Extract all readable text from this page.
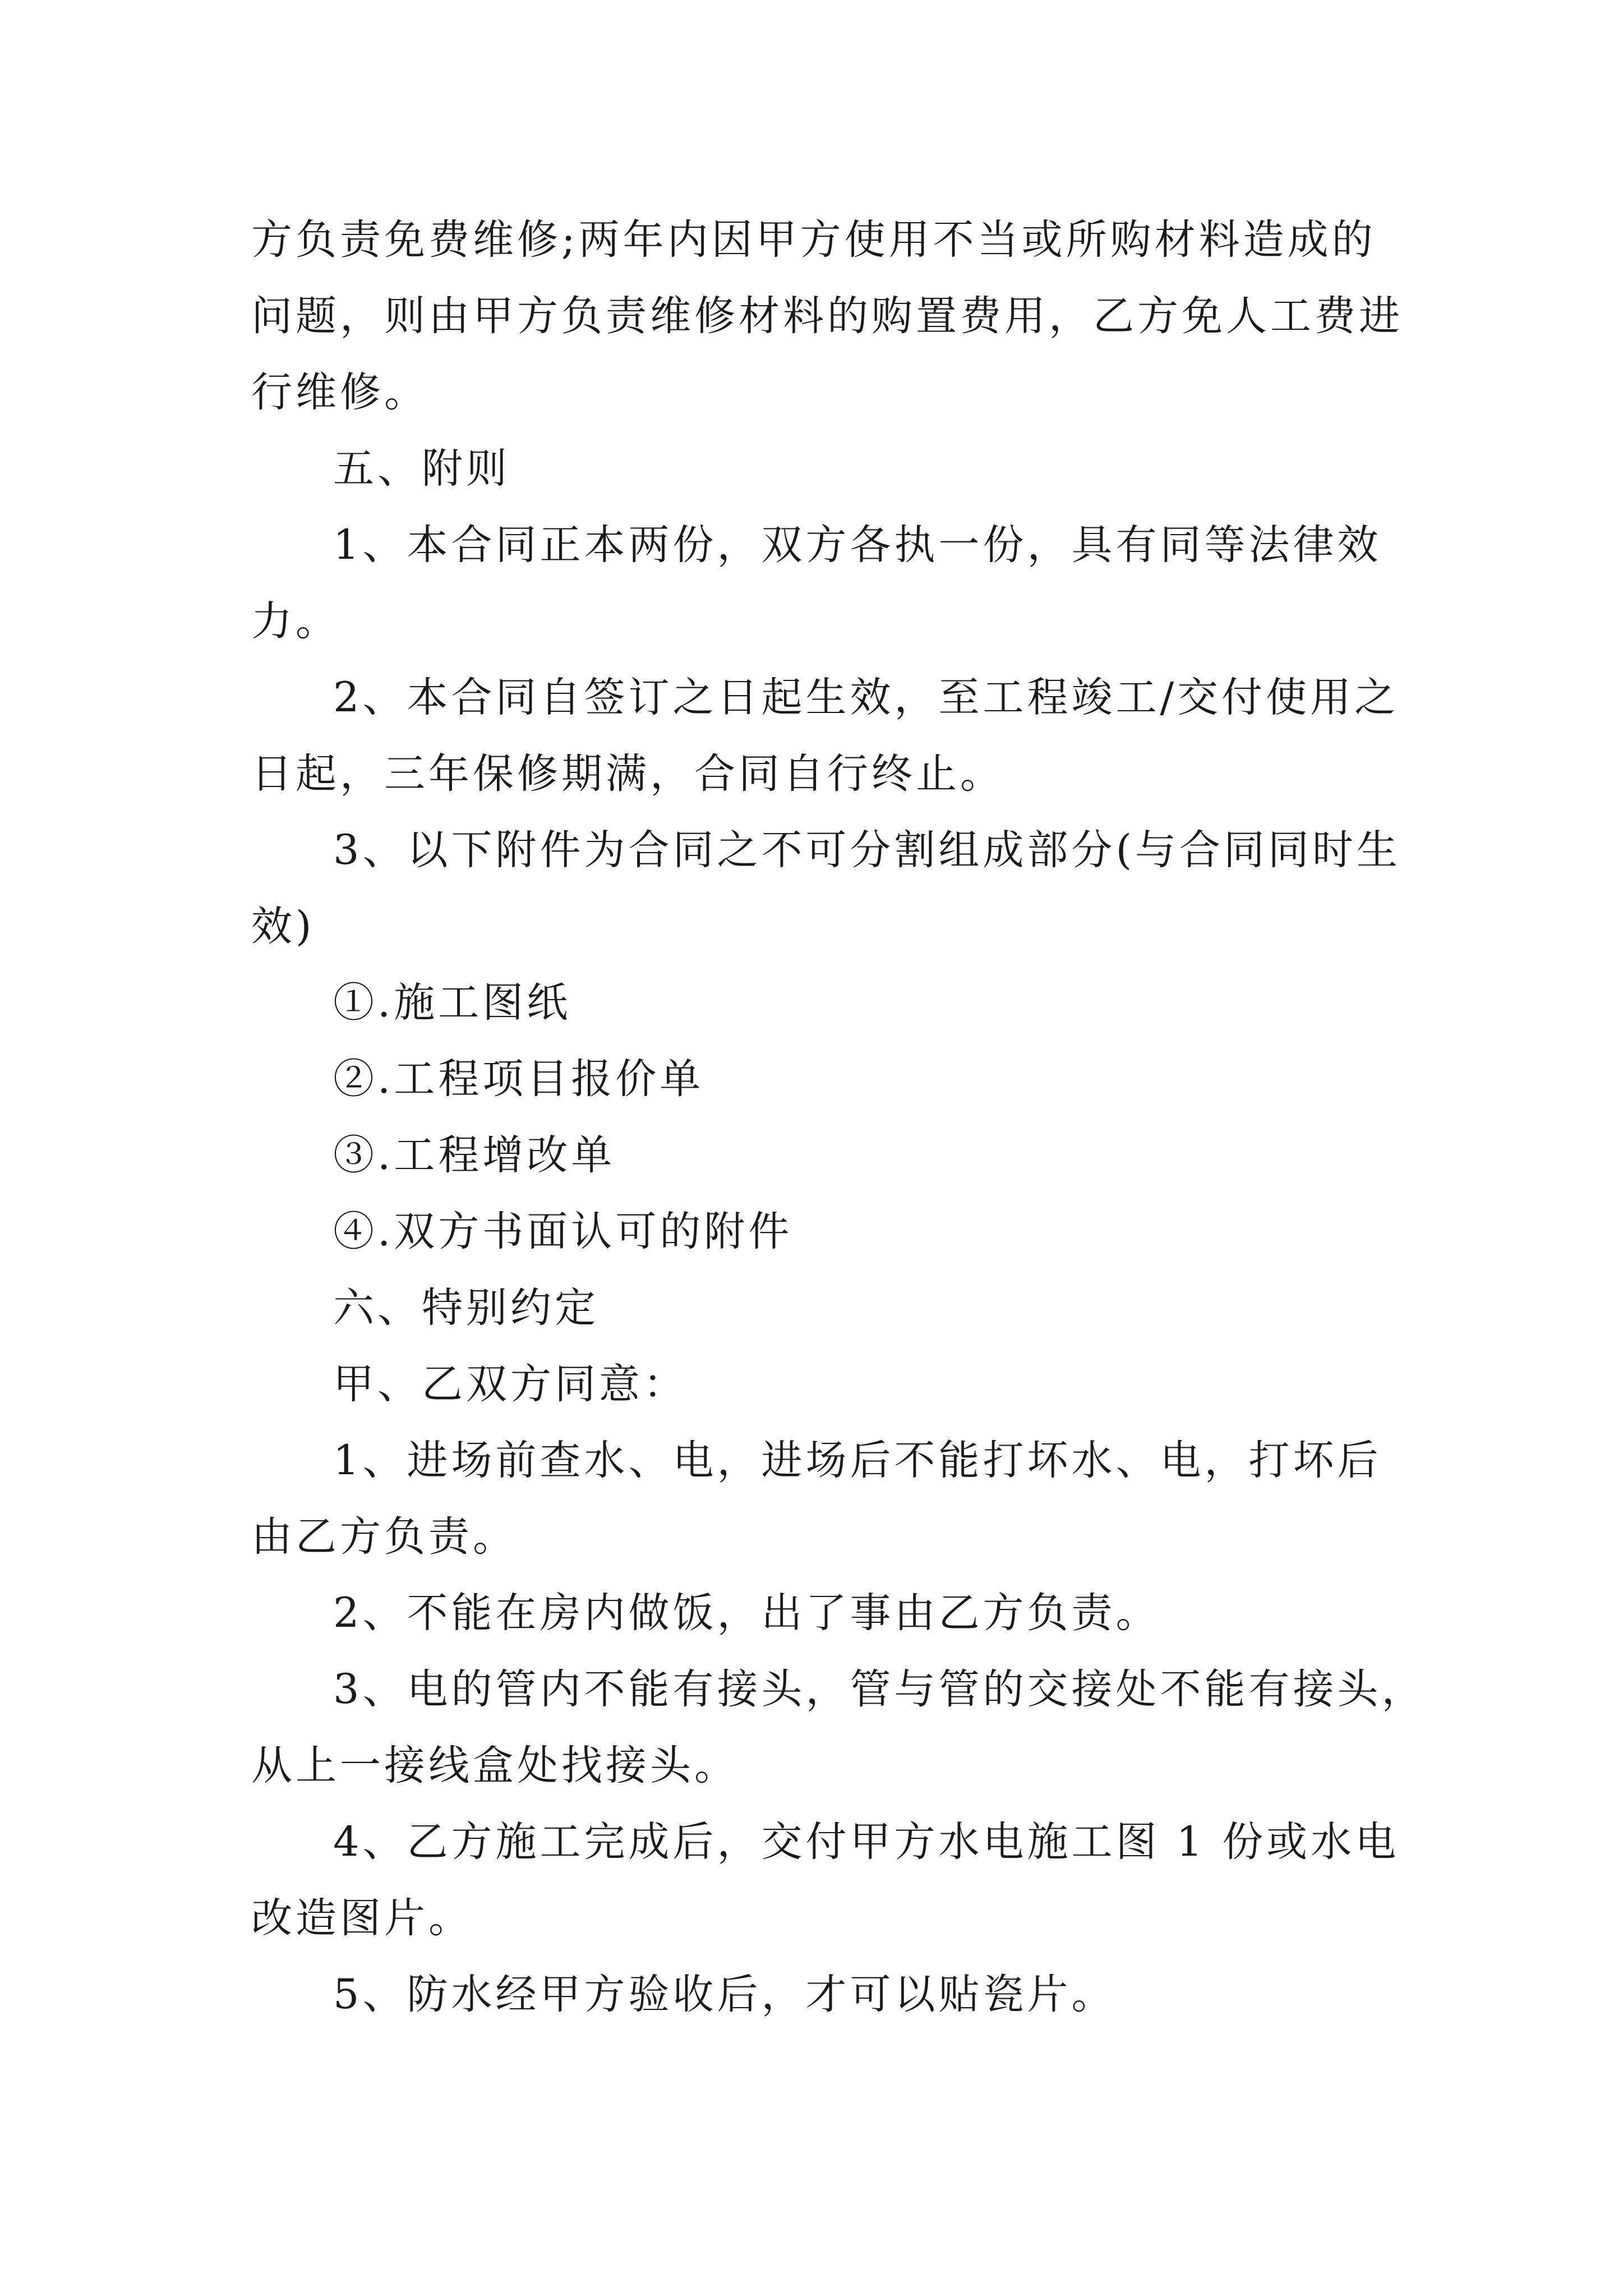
方负责免费维修;两年内因甲方使用不当或所购材料造成的
问题，则由甲方负责维修材料的购置费用，乙方免人工费进
行维修。
五、附则
1、本合同正本两份，双方各执一份，具有同等法律效
力。
2、本合同自签订之日起生效，至工程竣工/交付使用之
日起，三年保修期满，合同自行终止。
3、以下附件为合同之不可分割组成部分(与合同同时生
效)
①.施工图纸
②.工程项目报价单
③.工程增改单
④.双方书面认可的附件
六、特别约定
甲、乙双方同意：
1、进场前查水、电，进场后不能打坏水、电，打坏后
由乙方负责。
2、不能在房内做饭，出了事由乙方负责。
3、电的管内不能有接头，管与管的交接处不能有接头，
从上一接线盒处找接头。
4、乙方施工完成后，交付甲方水电施工图 1 份或水电
改造图片。
5、防水经甲方验收后，才可以贴瓷片。
